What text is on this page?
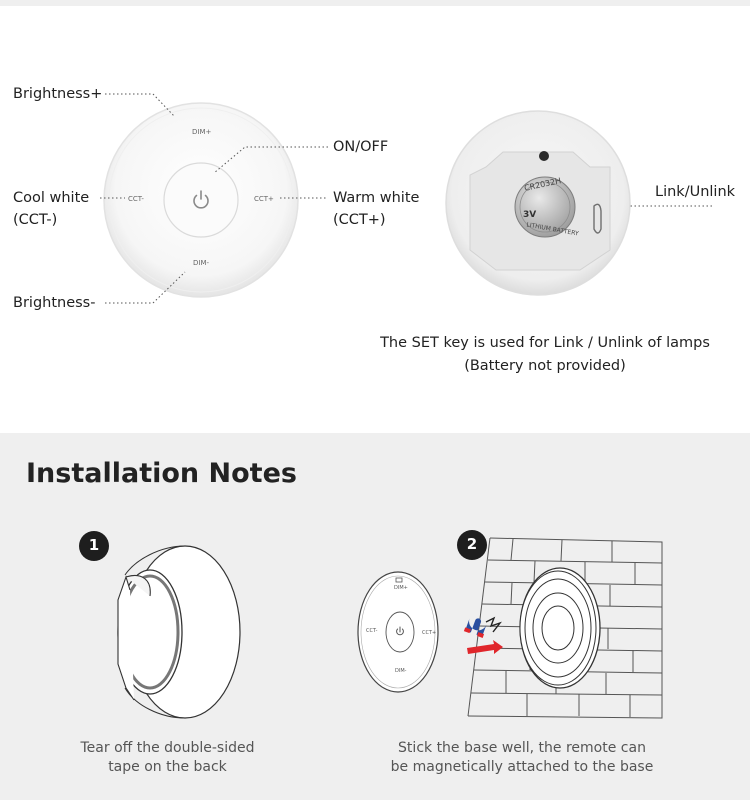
DIM+
DIM-
CCT-	CCT+
CR2032H
3V
LITHIUM BATTERY
Brightness+
ON/OFF
Cool white
(CCT-)
Warm white
(CCT+)
Brightness-
Link/Unlink
The SET key is used for Link / Unlink of lamps
(Battery not provided)
Installation Notes
1	2
DIM+
DIM-
CCT-	CCT+
Tear off the double-sided
tape on the back
Stick the base well, the remote can
be magnetically attached to the base
